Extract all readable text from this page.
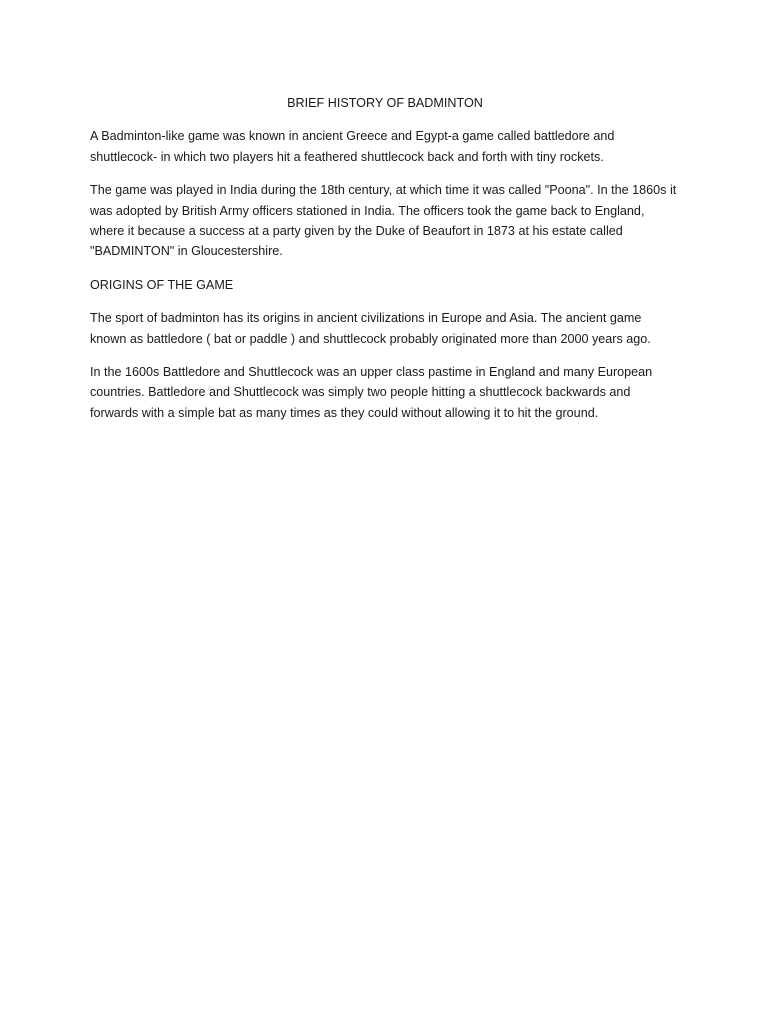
BRIEF HISTORY OF BADMINTON

A Badminton-like game was known in ancient Greece and Egypt-a game called battledore and shuttlecock- in which two players hit a feathered shuttlecock back and forth with tiny rockets.

The game was played in India during the 18th century, at which time it was called "Poona". In the 1860s it was adopted by British Army officers stationed in India. The officers took the game back to England, where it because a success at a party given by the Duke of Beaufort in 1873 at his estate called "BADMINTON" in Gloucestershire.

ORIGINS OF THE GAME

The sport of badminton has its origins in ancient civilizations in Europe and Asia. The ancient game known as battledore ( bat or paddle ) and shuttlecock probably originated more than 2000 years ago.

In the 1600s Battledore and Shuttlecock was an upper class pastime in England and many European countries. Battledore and Shuttlecock was simply two people hitting a shuttlecock backwards and forwards with a simple bat as many times as they could without allowing it to hit the ground.
